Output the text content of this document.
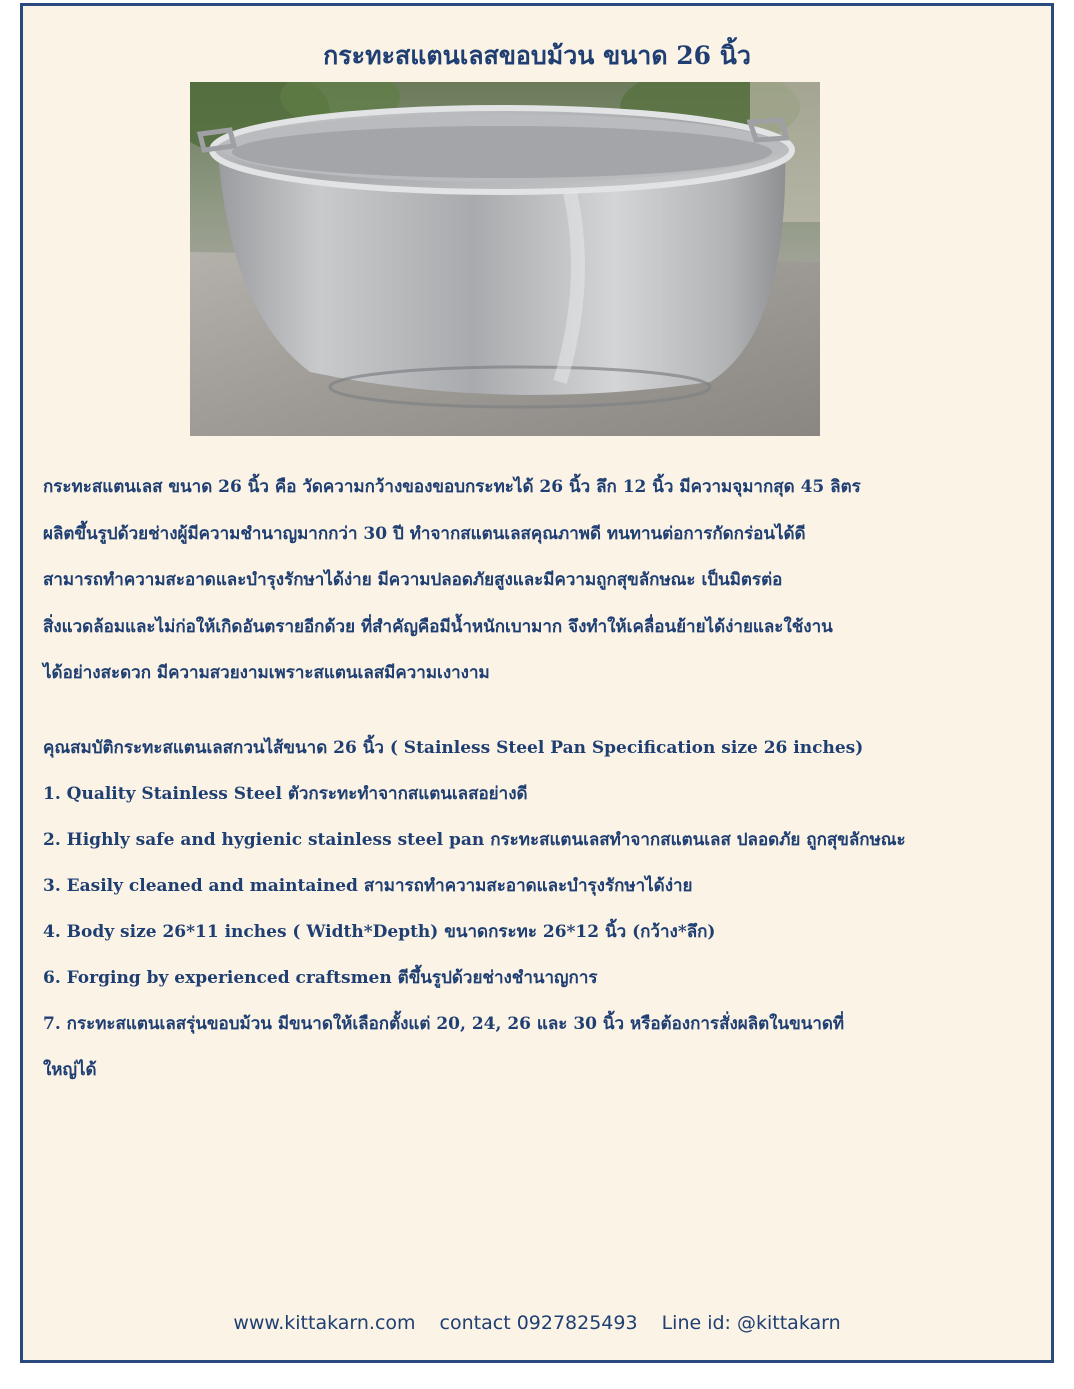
กระทะสแตนเลสขอบม้วน ขนาด 26 นิ้ว

กระทะสแตนเลส ขนาด 26 นิ้ว คือ วัดความกว้างของขอบกระทะได้ 26 นิ้ว ลึก 12 นิ้ว มีความจุมากสุด 45 ลิตร

ผลิตขึ้นรูปด้วยช่างผู้มีความชำนาญมากกว่า 30 ปี ทำจากสแตนเลสคุณภาพดี ทนทานต่อการกัดกร่อนได้ดี

สามารถทำความสะอาดและบำรุงรักษาได้ง่าย มีความปลอดภัยสูงและมีความถูกสุขลักษณะ เป็นมิตรต่อ

สิ่งแวดล้อมและไม่ก่อให้เกิดอันตรายอีกด้วย ที่สำคัญคือมีน้ำหนักเบามาก จึงทำให้เคลื่อนย้ายได้ง่ายและใช้งาน

ได้อย่างสะดวก มีความสวยงามเพราะสแตนเลสมีความเงางาม

คุณสมบัติกระทะสแตนเลสกวนไส้ขนาด 26 นิ้ว ( Stainless Steel Pan Specification size 26 inches)

1. Quality Stainless Steel ตัวกระทะทำจากสแตนเลสอย่างดี

2. Highly safe and hygienic stainless steel pan กระทะสแตนเลสทำจากสแตนเลส ปลอดภัย ถูกสุขลักษณะ

3. Easily cleaned and maintained สามารถทำความสะอาดและบำรุงรักษาได้ง่าย

4. Body size 26*11 inches ( Width*Depth) ขนาดกระทะ 26*12 นิ้ว (กว้าง*ลึก)

6. Forging by experienced craftsmen ตีขึ้นรูปด้วยช่างชำนาญการ

7. กระทะสแตนเลสรุ่นขอบม้วน มีขนาดให้เลือกตั้งแต่ 20, 24, 26 และ 30 นิ้ว หรือต้องการสั่งผลิตในขนาดที่

ใหญ่ได้

www.kittakarn.com contact 0927825493 Line id: @kittakarn
